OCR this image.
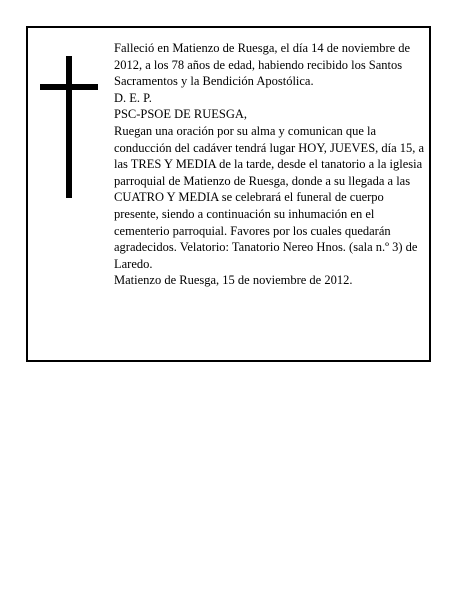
Falleció en Matienzo de Ruesga, el día 14 de noviembre de 2012, a los 78 años de edad, habiendo recibido los Santos Sacramentos y la Bendición Apostólica.

D. E. P.

PSC-PSOE DE RUESGA,

Ruegan una oración por su alma y comunican que la conducción del cadáver tendrá lugar HOY, JUEVES, día 15, a las TRES Y MEDIA de la tarde, desde el tanatorio a la iglesia parroquial de Matienzo de Ruesga, donde a su llegada a las CUATRO Y MEDIA se celebrará el funeral de cuerpo presente, siendo a continuación su inhumación en el cementerio parroquial. Favores por los cuales quedarán agradecidos. Velatorio: Tanatorio Nereo Hnos. (sala n.º 3) de Laredo.

Matienzo de Ruesga, 15 de noviembre de 2012.
